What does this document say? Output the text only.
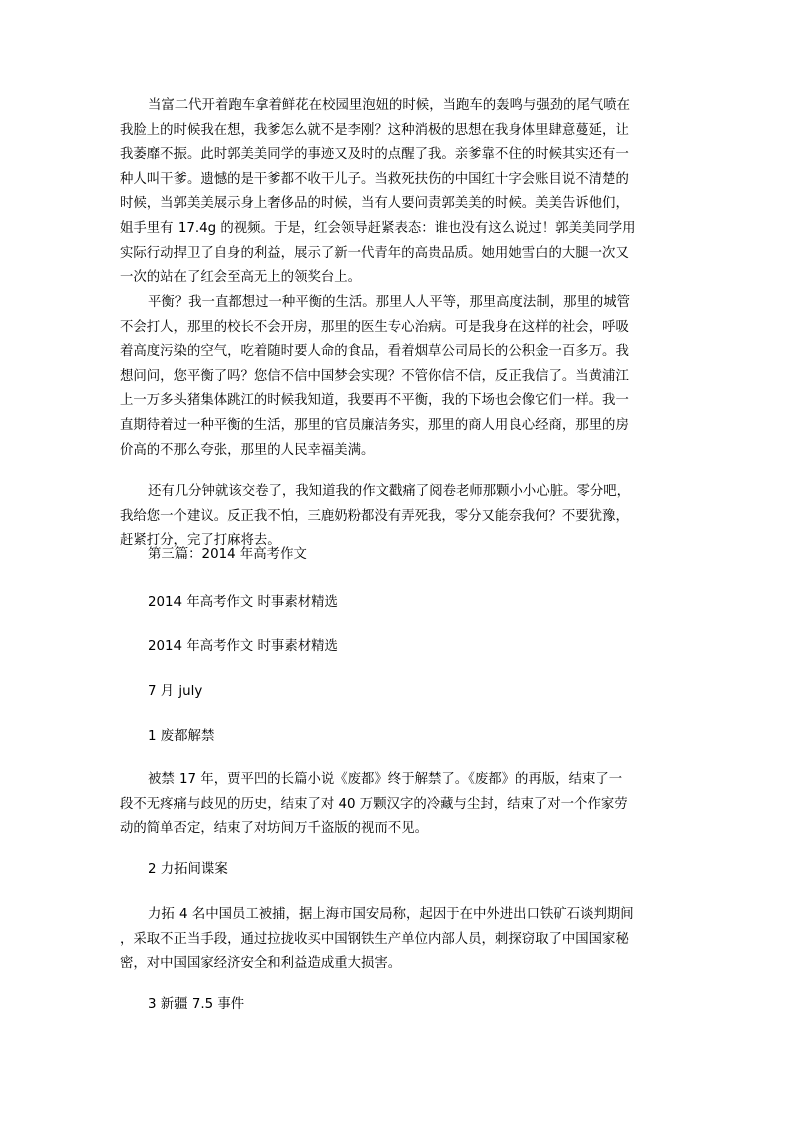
当富二代开着跑车拿着鲜花在校园里泡妞的时候，当跑车的轰鸣与强劲的尾气喷在
我脸上的时候我在想，我爹怎么就不是李刚？这种消极的思想在我身体里肆意蔓延，让
我萎靡不振。此时郭美美同学的事迹又及时的点醒了我。亲爹靠不住的时候其实还有一
种人叫干爹。遗憾的是干爹都不收干儿子。当救死扶伤的中国红十字会账目说不清楚的
时候，当郭美美展示身上奢侈品的时候，当有人要问责郭美美的时候。美美告诉他们，
姐手里有 17.4g 的视频。于是，红会领导赶紧表态：谁也没有这么说过！郭美美同学用
实际行动捍卫了自身的利益，展示了新一代青年的高贵品质。她用她雪白的大腿一次又
一次的站在了红会至高无上的领奖台上。

平衡？我一直都想过一种平衡的生活。那里人人平等，那里高度法制，那里的城管
不会打人，那里的校长不会开房，那里的医生专心治病。可是我身在这样的社会，呼吸
着高度污染的空气，吃着随时要人命的食品，看着烟草公司局长的公积金一百多万。我
想问问，您平衡了吗？您信不信中国梦会实现？不管你信不信，反正我信了。当黄浦江
上一万多头猪集体跳江的时候我知道，我要再不平衡，我的下场也会像它们一样。我一
直期待着过一种平衡的生活，那里的官员廉洁务实，那里的商人用良心经商，那里的房
价高的不那么夸张，那里的人民幸福美满。

还有几分钟就该交卷了，我知道我的作文戳痛了阅卷老师那颗小小心脏。零分吧，
我给您一个建议。反正我不怕，三鹿奶粉都没有弄死我，零分又能奈我何？不要犹豫，
赶紧打分，完了打麻将去。

第三篇：2014 年高考作文

2014 年高考作文 时事素材精选

2014 年高考作文 时事素材精选

7 月 july

1 废都解禁

被禁 17 年，贾平凹的长篇小说《废都》终于解禁了。《废都》的再版，结束了一
段不无疼痛与歧见的历史，结束了对 40 万颗汉字的冷藏与尘封，结束了对一个作家劳
动的简单否定，结束了对坊间万千盗版的视而不见。

2 力拓间谍案

力拓 4 名中国员工被捕，据上海市国安局称，起因于在中外进出口铁矿石谈判期间
，采取不正当手段，通过拉拢收买中国钢铁生产单位内部人员，刺探窃取了中国国家秘
密，对中国国家经济安全和利益造成重大损害。

3 新疆 7.5 事件
